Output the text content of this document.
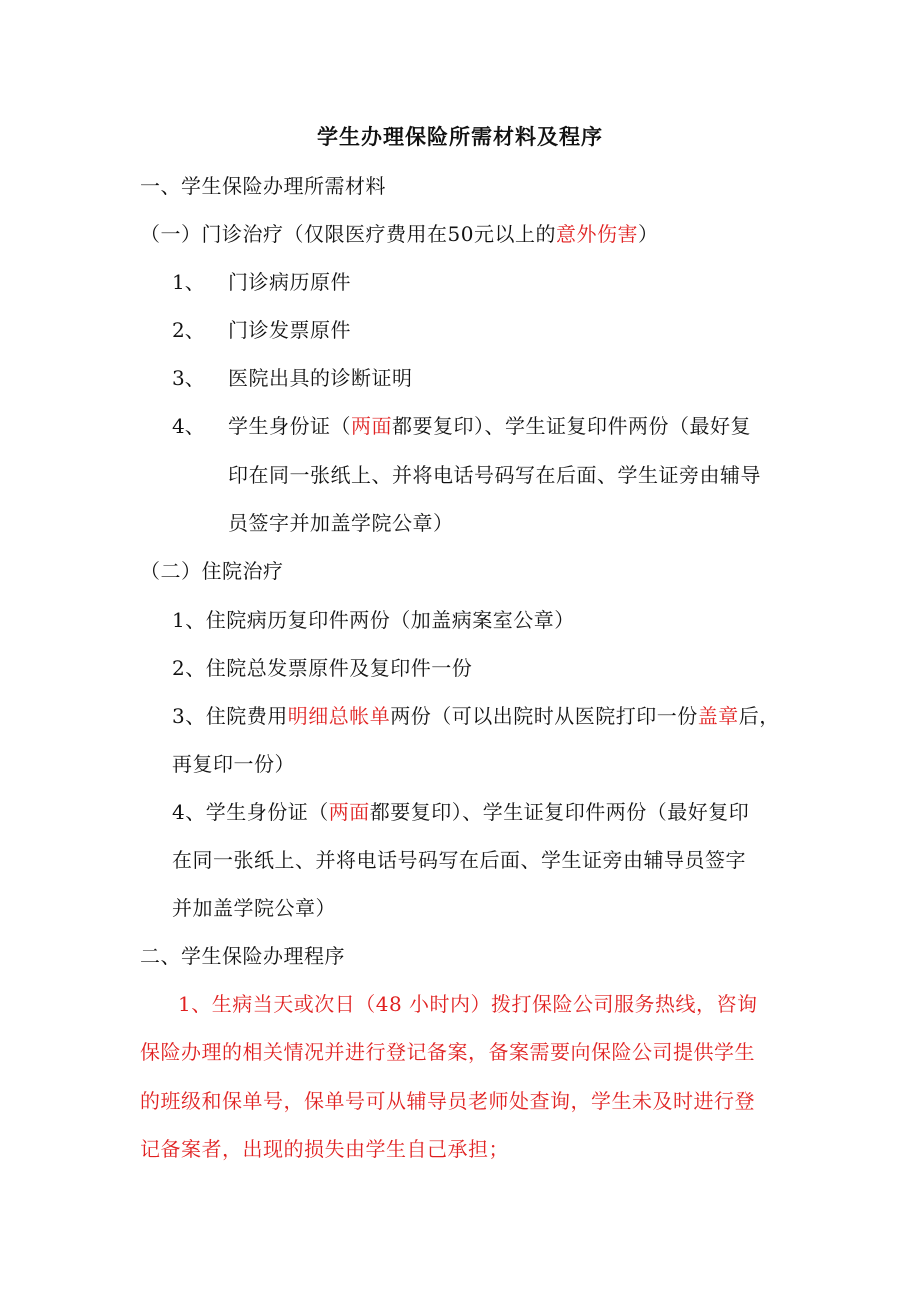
学生办理保险所需材料及程序
一、学生保险办理所需材料
（一）门诊治疗（仅限医疗费用在50元以上的意外伤害）
1、 门诊病历原件
2、 门诊发票原件
3、 医院出具的诊断证明
4、 学生身份证（两面都要复印）、学生证复印件两份（最好复
印在同一张纸上、并将电话号码写在后面、学生证旁由辅导
员签字并加盖学院公章）
（二）住院治疗
1、住院病历复印件两份（加盖病案室公章）
2、住院总发票原件及复印件一份
3、住院费用明细总帐单两份（可以出院时从医院打印一份盖章后，
再复印一份）
4、学生身份证（两面都要复印）、学生证复印件两份（最好复印
在同一张纸上、并将电话号码写在后面、学生证旁由辅导员签字
并加盖学院公章）
二、学生保险办理程序
1、生病当天或次日（48 小时内）拨打保险公司服务热线，咨询
保险办理的相关情况并进行登记备案，备案需要向保险公司提供学生
的班级和保单号，保单号可从辅导员老师处查询，学生未及时进行登
记备案者，出现的损失由学生自己承担；
